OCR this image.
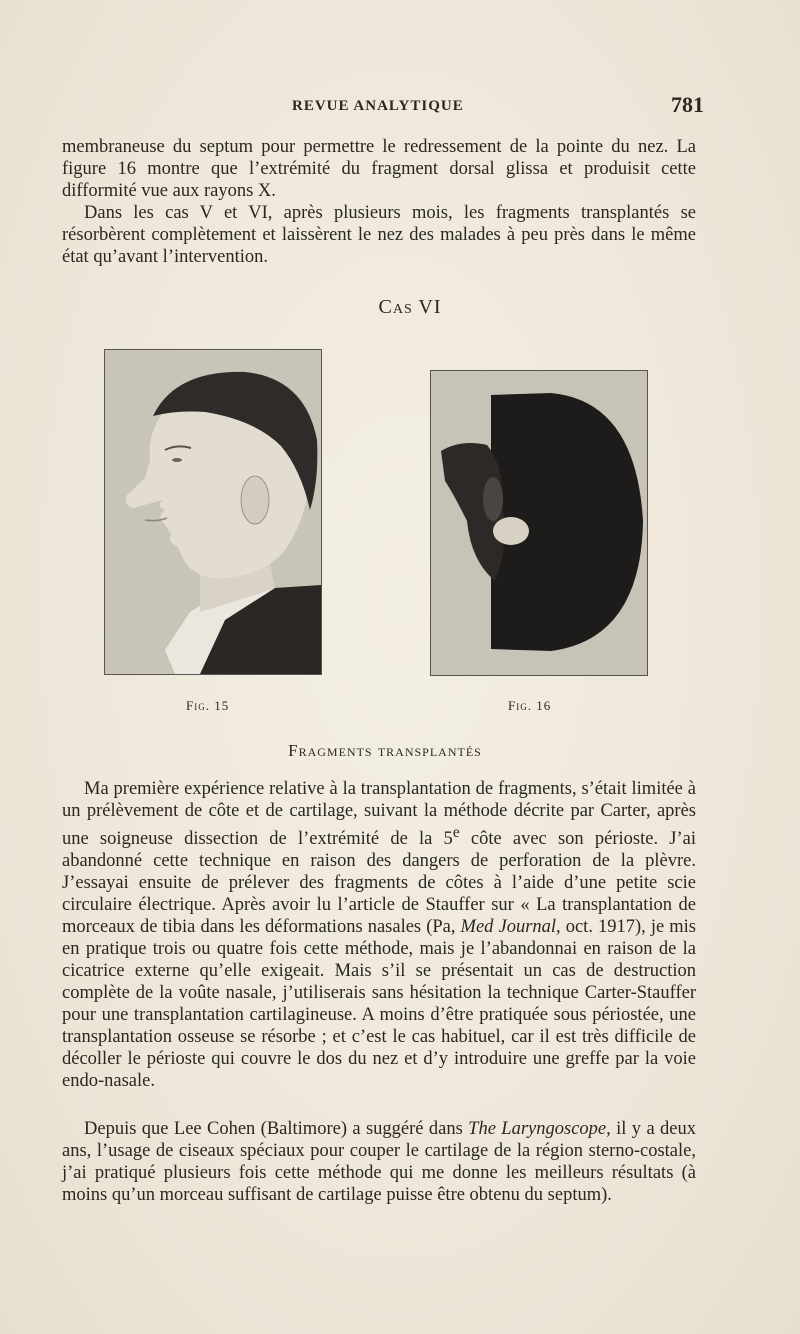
REVUE ANALYTIQUE	781

membraneuse du septum pour permettre le redressement de la pointe du nez. La figure 16 montre que l’extrémité du fragment dorsal glissa et produisit cette difformité vue aux rayons X.

Dans les cas V et VI, après plusieurs mois, les fragments transplantés se résorbèrent complètement et laissèrent le nez des malades à peu près dans le même état qu’avant l’intervention.

Cas VI
Fig. 15	Fig. 16
Fragments transplantés

Ma première expérience relative à la transplantation de fragments, s’était limitée à un prélèvement de côte et de cartilage, suivant la méthode décrite par Carter, après une soigneuse dissection de l’extrémité de la 5e côte avec son périoste. J’ai abandonné cette technique en raison des dangers de perforation de la plèvre. J’essayai ensuite de prélever des fragments de côtes à l’aide d’une petite scie circulaire électrique. Après avoir lu l’article de Stauffer sur « La transplantation de morceaux de tibia dans les déformations nasales (Pa, Med Journal, oct. 1917), je mis en pratique trois ou quatre fois cette méthode, mais je l’abandonnai en raison de la cicatrice externe qu’elle exigeait. Mais s’il se présentait un cas de destruction complète de la voûte nasale, j’utiliserais sans hésitation la technique Carter-Stauffer pour une transplantation cartilagineuse. A moins d’être pratiquée sous périostée, une transplantation osseuse se résorbe ; et c’est le cas habituel, car il est très difficile de décoller le périoste qui couvre le dos du nez et d’y introduire une greffe par la voie endo-nasale.

Depuis que Lee Cohen (Baltimore) a suggéré dans The Laryngoscope, il y a deux ans, l’usage de ciseaux spéciaux pour couper le cartilage de la région sterno-costale, j’ai pratiqué plusieurs fois cette méthode qui me donne les meilleurs résultats (à moins qu’un morceau suffisant de cartilage puisse être obtenu du septum).
